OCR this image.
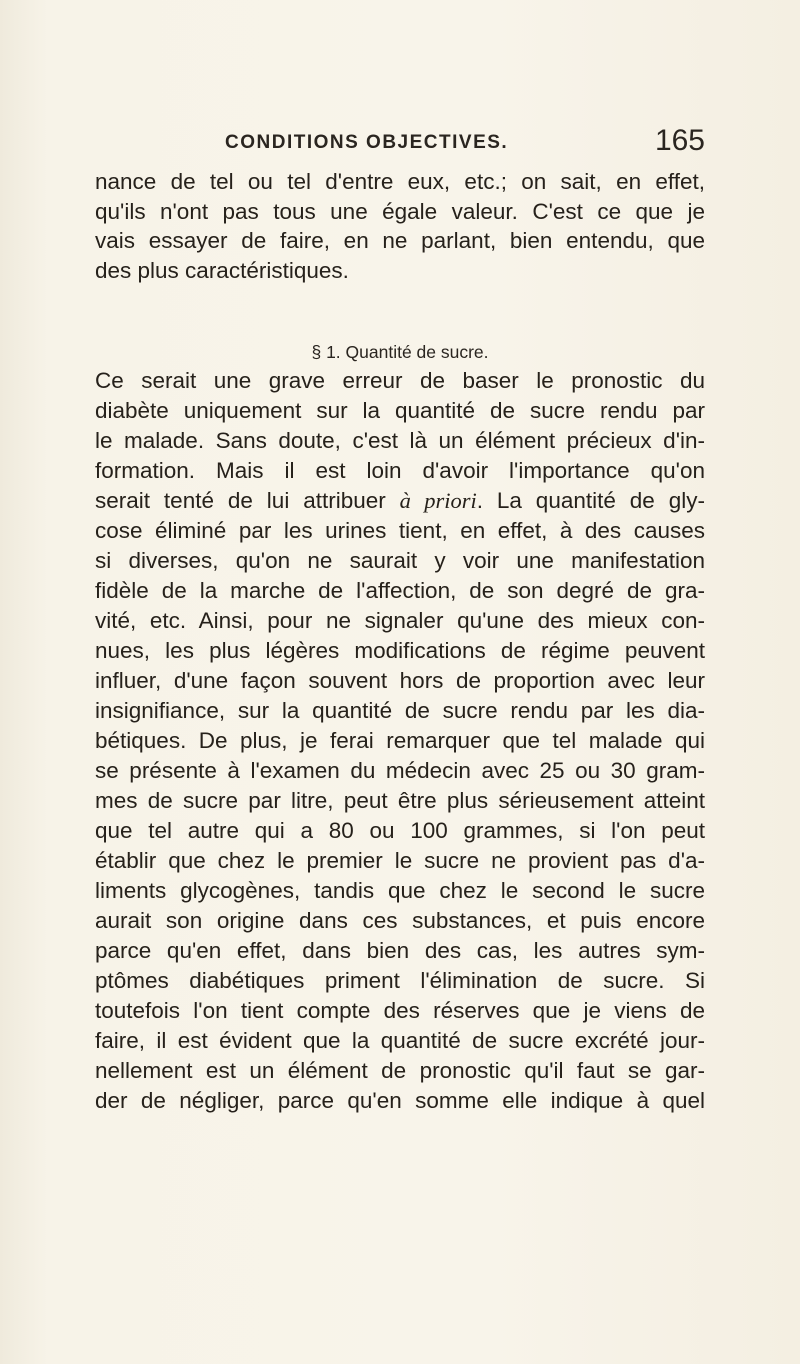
CONDITIONS OBJECTIVES.	165
nance de tel ou tel d'entre eux, etc.; on sait, en effet,
qu'ils n'ont pas tous une égale valeur. C'est ce que je
vais essayer de faire, en ne parlant, bien entendu, que
des plus caractéristiques.
§ 1. Quantité de sucre.
Ce serait une grave erreur de baser le pronostic du
diabète uniquement sur la quantité de sucre rendu par
le malade. Sans doute, c'est là un élément précieux d'in-
formation. Mais il est loin d'avoir l'importance qu'on
serait tenté de lui attribuer à priori. La quantité de gly-
cose éliminé par les urines tient, en effet, à des causes
si diverses, qu'on ne saurait y voir une manifestation
fidèle de la marche de l'affection, de son degré de gra-
vité, etc. Ainsi, pour ne signaler qu'une des mieux con-
nues, les plus légères modifications de régime peuvent
influer, d'une façon souvent hors de proportion avec leur
insignifiance, sur la quantité de sucre rendu par les dia-
bétiques. De plus, je ferai remarquer que tel malade qui
se présente à l'examen du médecin avec 25 ou 30 gram-
mes de sucre par litre, peut être plus sérieusement atteint
que tel autre qui a 80 ou 100 grammes, si l'on peut
établir que chez le premier le sucre ne provient pas d'a-
liments glycogènes, tandis que chez le second le sucre
aurait son origine dans ces substances, et puis encore
parce qu'en effet, dans bien des cas, les autres sym-
ptômes diabétiques priment l'élimination de sucre. Si
toutefois l'on tient compte des réserves que je viens de
faire, il est évident que la quantité de sucre excrété jour-
nellement est un élément de pronostic qu'il faut se gar-
der de négliger, parce qu'en somme elle indique à quel
